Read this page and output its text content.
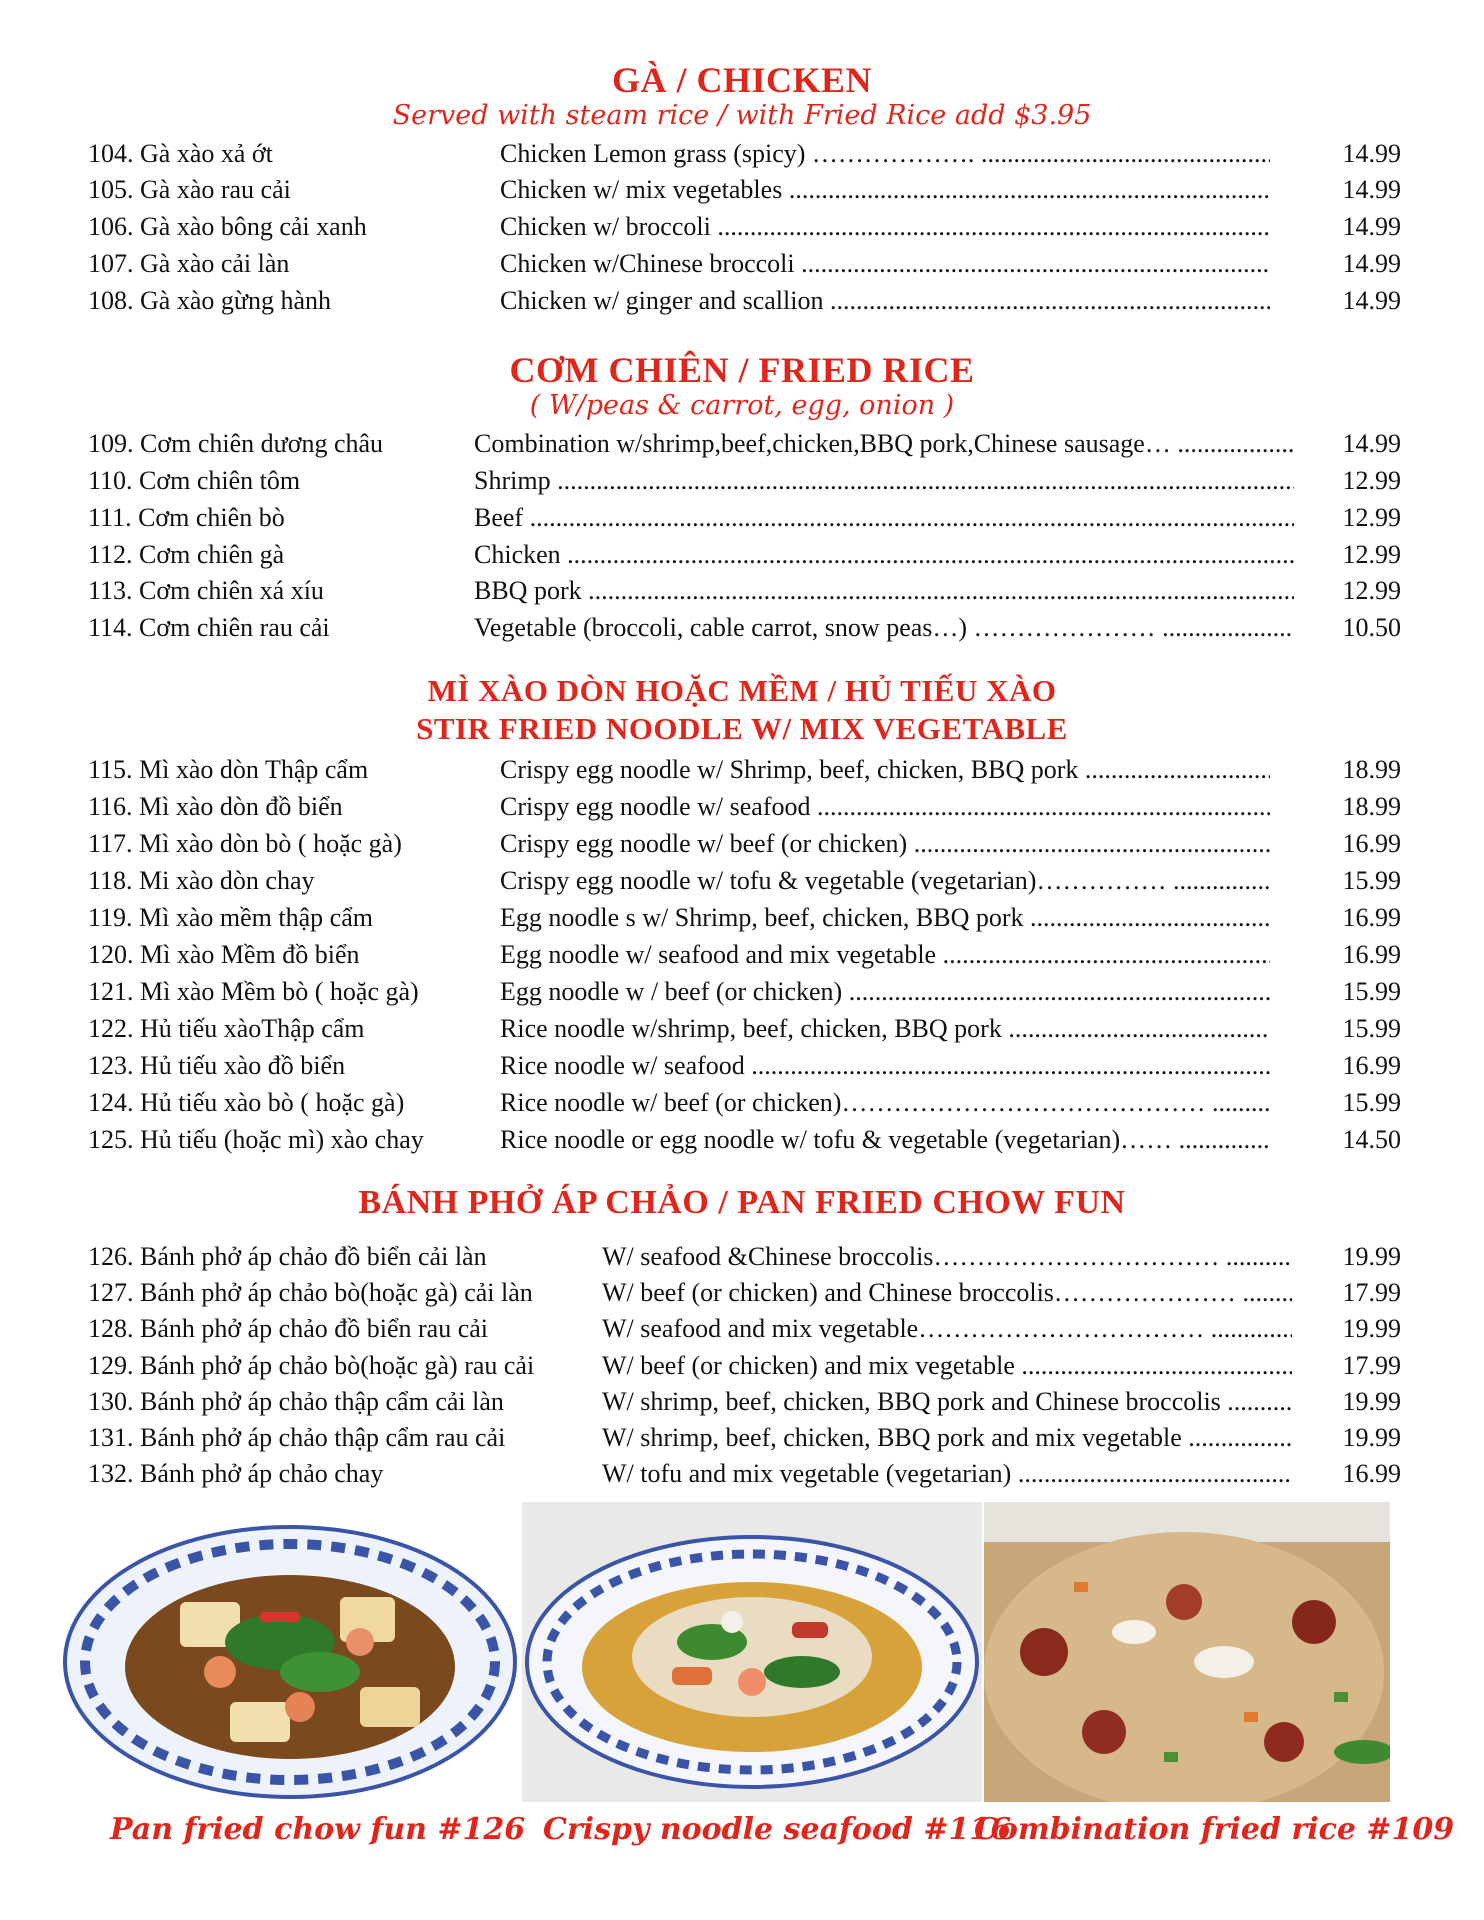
GÀ / CHICKEN

Served with steam rice / with Fried Rice add $3.95

104. Gà xào xả ớt	Chicken Lemon grass (spicy) ………………. .....	14.99
105. Gà xào rau cải	Chicken w/ mix vegetables .....	14.99
106. Gà xào bông cải xanh	Chicken w/ broccoli .....	14.99
107. Gà xào cải làn	Chicken w/Chinese broccoli .....	14.99
108. Gà xào gừng hành	Chicken w/ ginger and scallion .....	14.99
CƠM CHIÊN / FRIED RICE

( W/peas & carrot, egg, onion )

109. Cơm chiên dương châu	Combination w/shrimp,beef,chicken,BBQ pork,Chinese sausage… .....	14.99
110. Cơm chiên tôm	Shrimp .....	12.99
111. Cơm chiên bò	Beef .....	12.99
112. Cơm chiên gà	Chicken .....	12.99
113. Cơm chiên xá xíu	BBQ pork .....	12.99
114. Cơm chiên rau cải	Vegetable (broccoli, cable carrot, snow peas…) ………………… .....	10.50
MÌ XÀO DÒN HOẶC MỀM / HỦ TIẾU XÀO
STIR FRIED NOODLE W/ MIX VEGETABLE
115. Mì xào dòn Thập cẩm	Crispy egg noodle w/ Shrimp, beef, chicken, BBQ pork .....	18.99
116. Mì xào dòn đồ biển	Crispy egg noodle w/ seafood .....	18.99
117. Mì xào dòn bò ( hoặc gà)	Crispy egg noodle w/ beef (or chicken) .....	16.99
118. Mi xào dòn chay	Crispy egg noodle w/ tofu & vegetable (vegetarian)…………… .....	15.99
119. Mì xào mềm thập cẩm	Egg noodle s w/ Shrimp, beef, chicken, BBQ pork .....	16.99
120. Mì xào Mềm đồ biển	Egg noodle w/ seafood and mix vegetable .....	16.99
121. Mì xào Mềm bò ( hoặc gà)	Egg noodle w / beef (or chicken) .....	15.99
122. Hủ tiếu xàoThập cẩm	Rice noodle w/shrimp, beef, chicken, BBQ pork .....	15.99
123. Hủ tiếu xào đồ biển	Rice noodle w/ seafood .....	16.99
124. Hủ tiếu xào bò ( hoặc gà)	Rice noodle w/ beef (or chicken)…………………………………… .....	15.99
125. Hủ tiếu (hoặc mì) xào chay	Rice noodle or egg noodle w/ tofu & vegetable (vegetarian)…… .....	14.50
BÁNH PHỞ ÁP CHẢO / PAN FRIED CHOW FUN
126. Bánh phở áp chảo đồ biển cải làn	W/ seafood &Chinese broccolis…………………………… .....	19.99
127. Bánh phở áp chảo bò(hoặc gà) cải làn	W/ beef (or chicken) and Chinese broccolis………………… .....	17.99
128. Bánh phở áp chảo đồ biển rau cải	W/ seafood and mix vegetable…………………………… .....	19.99
129. Bánh phở áp chảo bò(hoặc gà) rau cải	W/ beef (or chicken) and mix vegetable .....	17.99
130. Bánh phở áp chảo thập cẩm cải làn	W/ shrimp, beef, chicken, BBQ pork and Chinese broccolis .....	19.99
131. Bánh phở áp chảo thập cẩm rau cải	W/ shrimp, beef, chicken, BBQ pork and mix vegetable .....	19.99
132. Bánh phở áp chảo chay	W/ tofu and mix vegetable (vegetarian) .....	16.99
Pan fried chow fun #126 Crispy noodle seafood #116
Combination fried rice #109
